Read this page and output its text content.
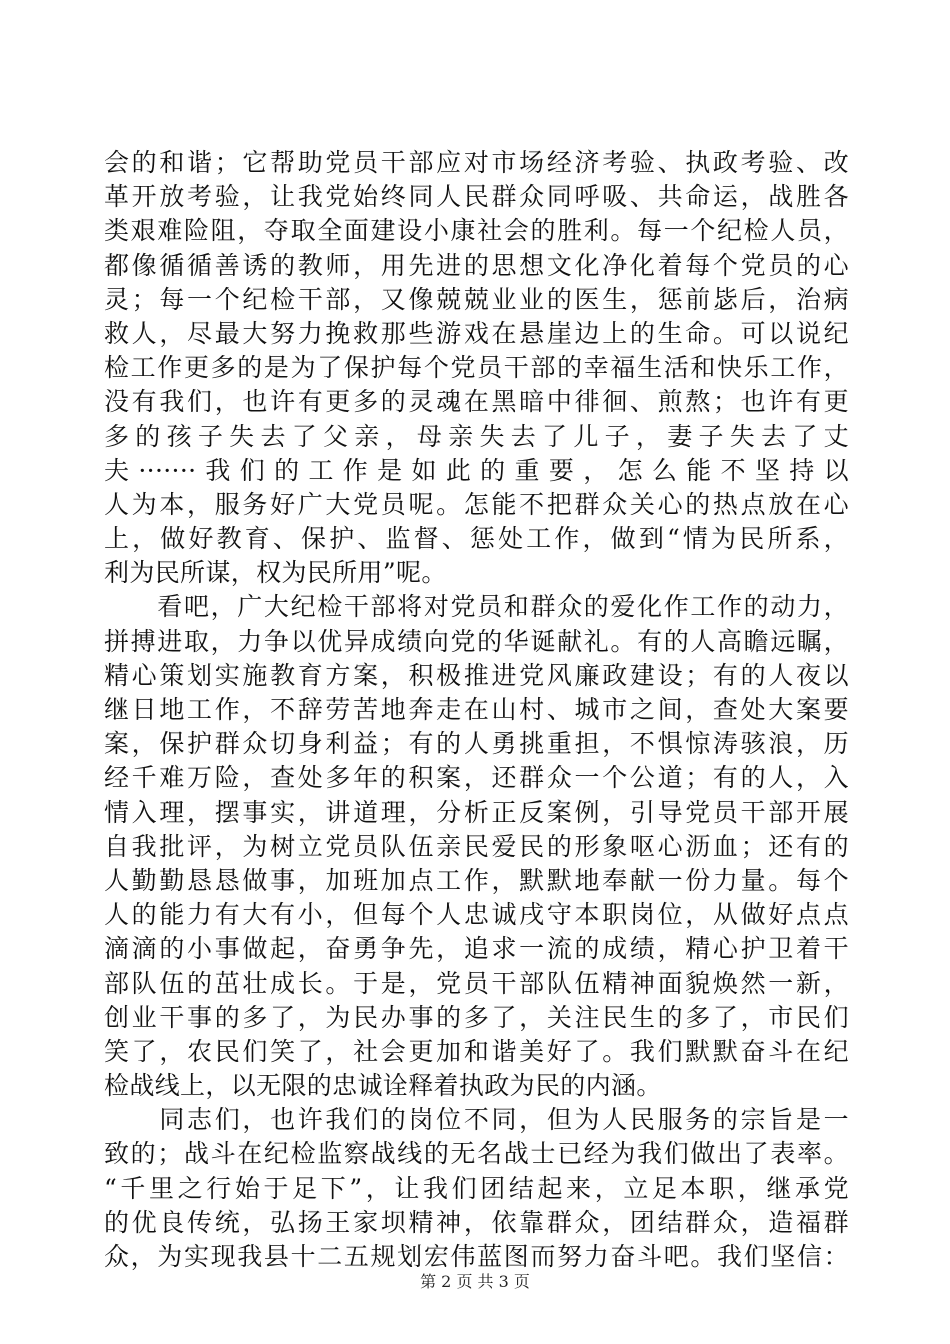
会的和谐；它帮助党员干部应对市场经济考验、执政考验、改
革开放考验，让我党始终同人民群众同呼吸、共命运，战胜各
类艰难险阻，夺取全面建设小康社会的胜利。每一个纪检人员，
都像循循善诱的教师，用先进的思想文化净化着每个党员的心
灵；每一个纪检干部，又像兢兢业业的医生，惩前毖后，治病
救人，尽最大努力挽救那些游戏在悬崖边上的生命。可以说纪
检工作更多的是为了保护每个党员干部的幸福生活和快乐工作，
没有我们，也许有更多的灵魂在黑暗中徘徊、煎熬；也许有更
多的孩子失去了父亲，母亲失去了儿子，妻子失去了丈
夫·······我们的工作是如此的重要，怎么能不坚持以
人为本，服务好广大党员呢。怎能不把群众关心的热点放在心
上，做好教育、保护、监督、惩处工作，做到“情为民所系，
利为民所谋，权为民所用”呢。
　　看吧，广大纪检干部将对党员和群众的爱化作工作的动力，
拼搏进取，力争以优异成绩向党的华诞献礼。有的人高瞻远瞩，
精心策划实施教育方案，积极推进党风廉政建设；有的人夜以
继日地工作，不辞劳苦地奔走在山村、城市之间，查处大案要
案，保护群众切身利益；有的人勇挑重担，不惧惊涛骇浪，历
经千难万险，查处多年的积案，还群众一个公道；有的人，入
情入理，摆事实，讲道理，分析正反案例，引导党员干部开展
自我批评，为树立党员队伍亲民爱民的形象呕心沥血；还有的
人勤勤恳恳做事，加班加点工作，默默地奉献一份力量。每个
人的能力有大有小，但每个人忠诚戌守本职岗位，从做好点点
滴滴的小事做起，奋勇争先，追求一流的成绩，精心护卫着干
部队伍的茁壮成长。于是，党员干部队伍精神面貌焕然一新，
创业干事的多了，为民办事的多了，关注民生的多了，市民们
笑了，农民们笑了，社会更加和谐美好了。我们默默奋斗在纪
检战线上，以无限的忠诚诠释着执政为民的内涵。
　　同志们，也许我们的岗位不同，但为人民服务的宗旨是一
致的；战斗在纪检监察战线的无名战士已经为我们做出了表率。
“千里之行始于足下”，让我们团结起来，立足本职，继承党
的优良传统，弘扬王家坝精神，依靠群众，团结群众，造福群
众，为实现我县十二五规划宏伟蓝图而努力奋斗吧。我们坚信：
第 2 页 共 3 页
